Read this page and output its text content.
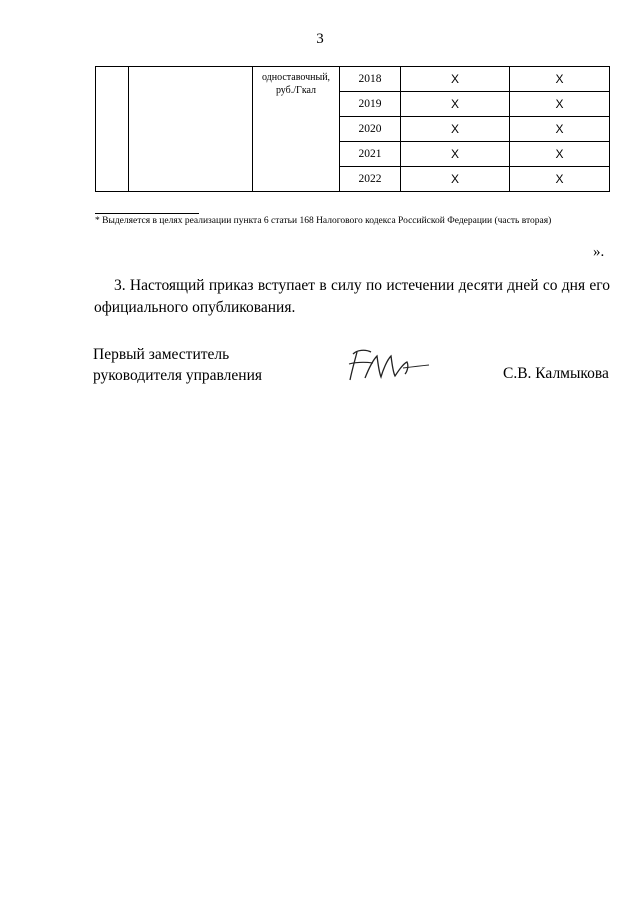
3
		одноставочный, руб./Гкал	2018	Х	Х
			2019	Х	Х
			2020	Х	Х
			2021	Х	Х
			2022	Х	Х
* Выделяется в целях реализации пункта 6 статьи 168 Налогового кодекса Российской Федерации (часть вторая)
».
3. Настоящий приказ вступает в силу по истечении десяти дней со дня его официального опубликования.
Первый заместитель
руководителя управления	С.В. Калмыкова
